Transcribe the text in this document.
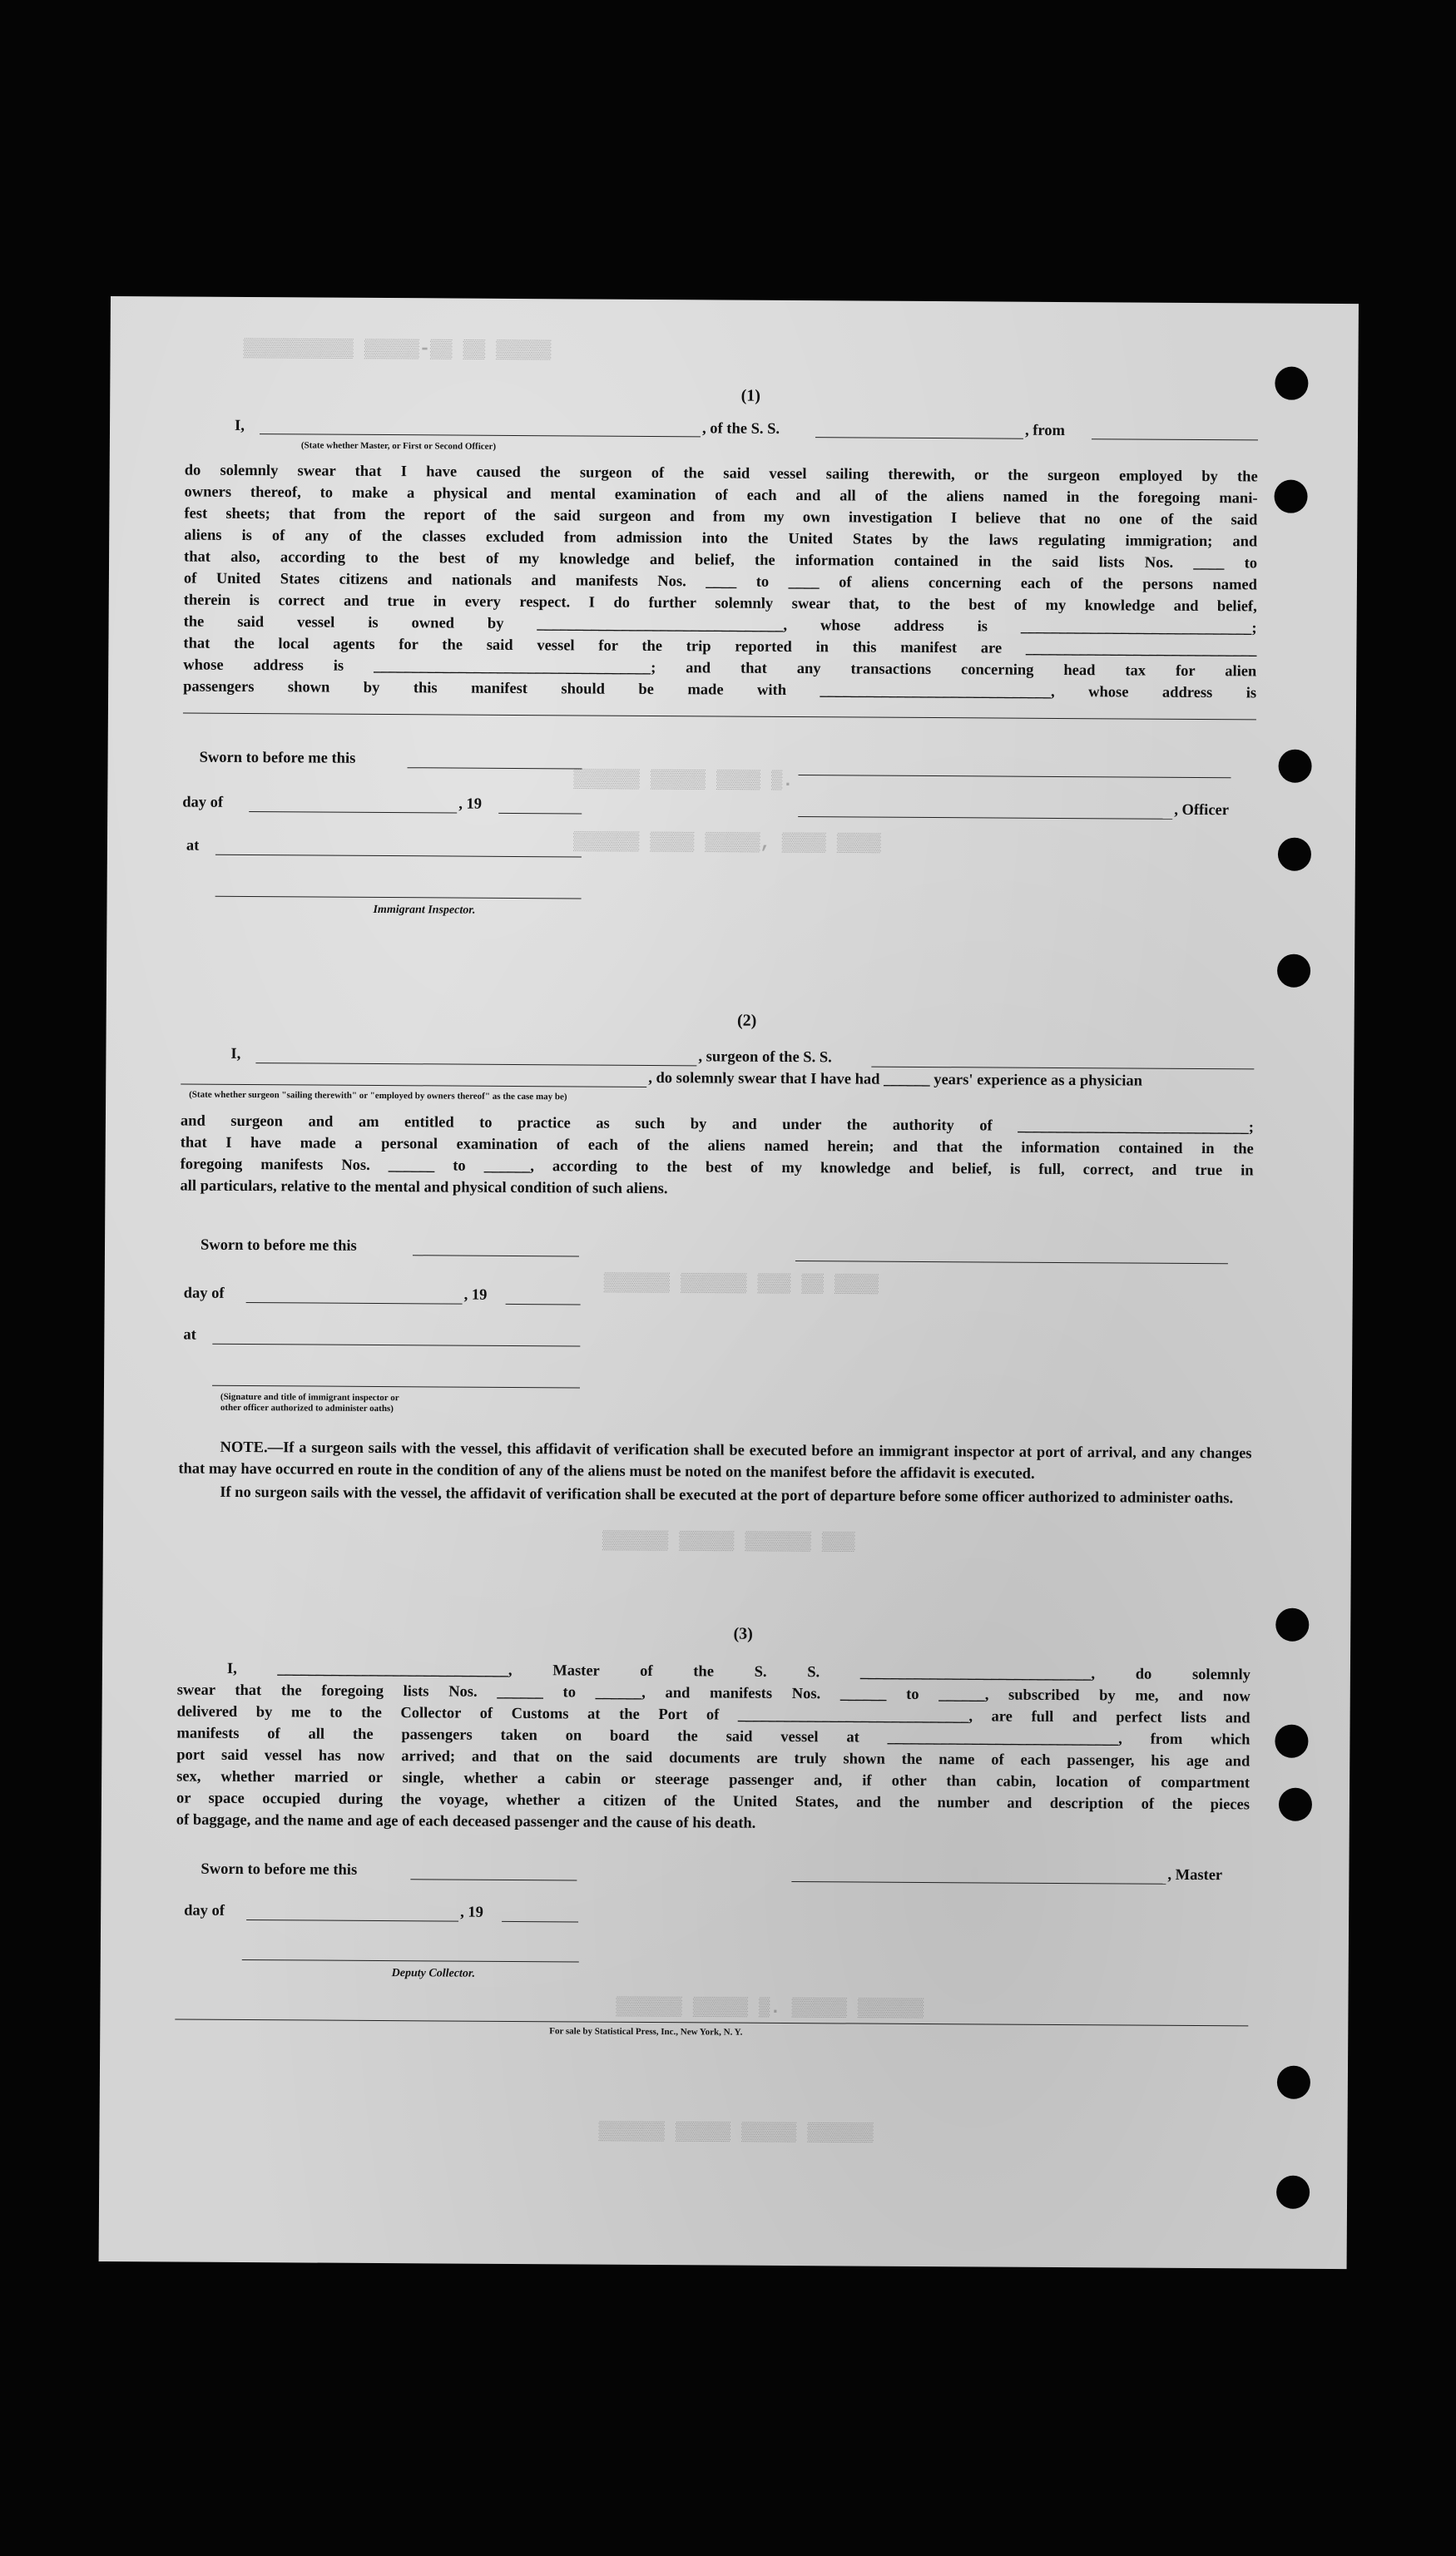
▒▒▒▒▒ ▒▒ ▒▒-▒▒▒▒▒ ▒▒▒▒▒▒▒▒▒▒
▒▒▒▒▒▒ ▒▒▒▒▒ ▒▒▒▒ ▒.
▒▒▒▒▒▒ ▒▒▒▒ ▒▒▒▒▒, ▒▒▒▒ ▒▒▒▒
▒▒▒▒▒▒ ▒▒▒▒▒▒ ▒▒▒ ▒▒ ▒▒▒▒
▒▒▒▒▒▒ ▒▒▒▒▒ ▒▒▒▒▒▒ ▒▒▒
▒▒▒▒▒▒ ▒▒▒▒▒ ▒. ▒▒▒▒▒ ▒▒▒▒▒▒
▒▒▒▒▒▒ ▒▒▒▒▒ ▒▒▒▒▒ ▒▒▒▒▒▒
(1)
I,
(State whether Master, or First or Second Officer)
, of the S. S.	, from
do solemnly swear that I have caused the surgeon of the said vessel sailing therewith, or the surgeon employed by the
owners thereof, to make a physical and mental examination of each and all of the aliens named in the foregoing mani-
fest sheets; that from the report of the said surgeon and from my own investigation I believe that no one of the said
aliens is of any of the classes excluded from admission into the United States by the laws regulating immigration; and
that also, according to the best of my knowledge and belief, the information contained in the said lists Nos. ____ to
of United States citizens and nationals and manifests Nos. ____ to ____ of aliens concerning each of the persons named
therein is correct and true in every respect. I do further solemnly swear that, to the best of my knowledge and belief,
the said vessel is owned by ________________________________, whose address is ______________________________;
that the local agents for the said vessel for the trip reported in this manifest are ______________________________
whose address is ____________________________________; and that any transactions concerning head tax for alien
passengers shown by this manifest should be made with ______________________________, whose address is
Sworn to before me this
day of	, 19
at
Immigrant Inspector.
, Officer
(2)
I,	, surgeon of the S. S.
, do solemnly swear that I have had ______ years' experience as a physician
(State whether surgeon "sailing therewith" or "employed by owners thereof" as the case may be)
and surgeon and am entitled to practice as such by and under the authority of ______________________________;
that I have made a personal examination of each of the aliens named herein; and that the information contained in the
foregoing manifests Nos. ______ to ______, according to the best of my knowledge and belief, is full, correct, and true in
all particulars, relative to the mental and physical condition of such aliens.
Sworn to before me this
day of	, 19
at
(Signature and title of immigrant inspector or
other officer authorized to administer oaths)
NOTE.—If a surgeon sails with the vessel, this affidavit of verification shall be executed before an immigrant inspector at port of arrival, and any changes that may have occurred en route in the condition of any of the aliens must be noted on the manifest before the affidavit is executed.
If no surgeon sails with the vessel, the affidavit of verification shall be executed at the port of departure before some officer authorized to administer oaths.
(3)
I, ______________________________, Master of the S. S. ______________________________, do solemnly
swear that the foregoing lists Nos. ______ to ______, and manifests Nos. ______ to ______, subscribed by me, and now
delivered by me to the Collector of Customs at the Port of ______________________________, are full and perfect lists and
manifests of all the passengers taken on board the said vessel at ______________________________, from which
port said vessel has now arrived; and that on the said documents are truly shown the name of each passenger, his age and
sex, whether married or single, whether a cabin or steerage passenger and, if other than cabin, location of compartment
or space occupied during the voyage, whether a citizen of the United States, and the number and description of the pieces
of baggage, and the name and age of each deceased passenger and the cause of his death.
Sworn to before me this
day of	, 19
Deputy Collector.
, Master
For sale by Statistical Press, Inc., New York, N. Y.
